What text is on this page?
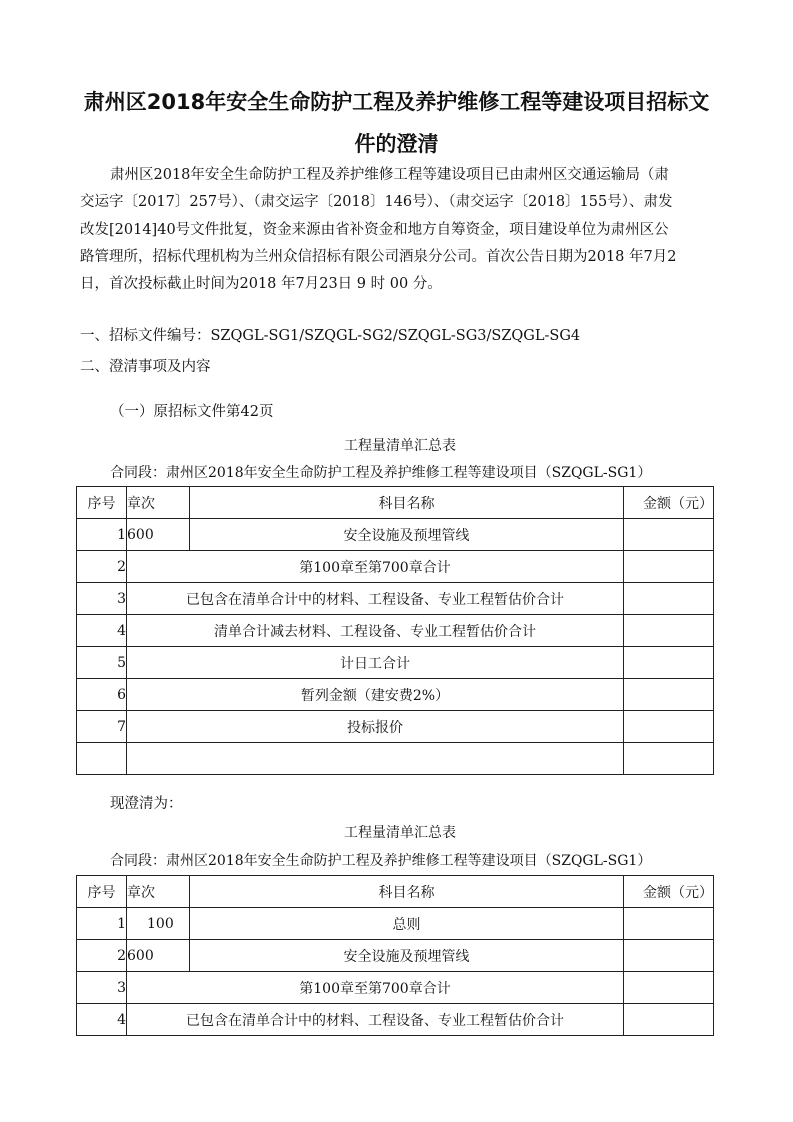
肃州区2018年安全生命防护工程及养护维修工程等建设项目招标文
件的澄清

肃州区2018年安全生命防护工程及养护维修工程等建设项目已由肃州区交通运输局（肃

交运字〔2017〕257号）、（肃交运字〔2018〕146号）、（肃交运字〔2018〕155号）、肃发
改发[2014]40号文件批复，资金来源由省补资金和地方自筹资金，项目建设单位为肃州区公
路管理所，招标代理机构为兰州众信招标有限公司酒泉分公司。首次公告日期为2018 年7月2
日，首次投标截止时间为2018 年7月23日 9 时 00 分。
一、招标文件编号：SZQGL-SG1/SZQGL-SG2/SZQGL-SG3/SZQGL-SG4
二、澄清事项及内容
（一）原招标文件第42页
工程量清单汇总表
合同段：肃州区2018年安全生命防护工程及养护维修工程等建设项目（SZQGL-SG1）
序号	章次	科目名称	金额（元）
1	600	安全设施及预埋管线	
2	第100章至第700章合计		
3	已包含在清单合计中的材料、工程设备、专业工程暂估价合计		
4	清单合计减去材料、工程设备、专业工程暂估价合计		
5	计日工合计		
6	暂列金额（建安费2%）		
7	投标报价		

现澄清为：
工程量清单汇总表
合同段：肃州区2018年安全生命防护工程及养护维修工程等建设项目（SZQGL-SG1）
序号	章次	科目名称	金额（元）
1	100	总则	
2	600	安全设施及预埋管线	
3	第100章至第700章合计		
4	已包含在清单合计中的材料、工程设备、专业工程暂估价合计		
